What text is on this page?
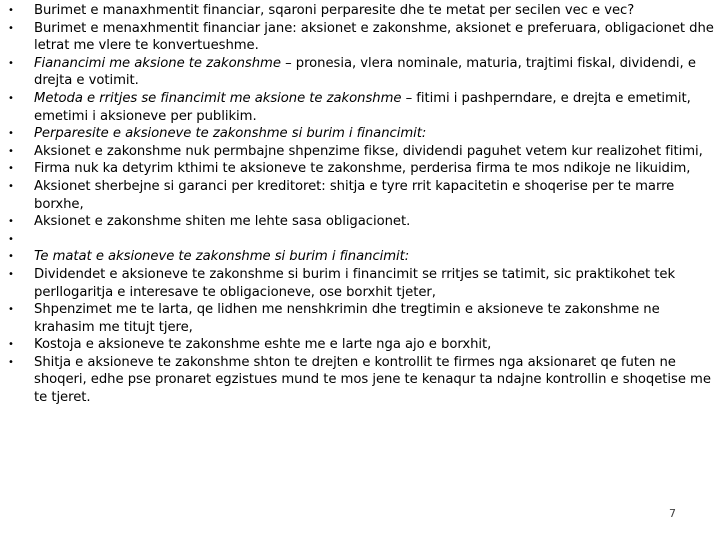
• Burimet e manaxhmentit financiar, sqaroni perparesite dhe te metat per secilen vec e vec?
• Burimet e menaxhmentit financiar jane: aksionet e zakonshme, aksionet e preferuara, obligacionet dhe letrat me vlere te konvertueshme.
• Fianancimi me aksione te zakonshme – pronesia, vlera nominale, maturia, trajtimi fiskal, dividendi, e drejta e votimit.
• Metoda e rritjes se financimit me aksione te zakonshme – fitimi i pashperndare, e drejta e emetimit, emetimi i aksioneve per publikim.
• Perparesite e aksioneve te zakonshme si burim i financimit:
• Aksionet e zakonshme nuk permbajne shpenzime fikse, dividendi paguhet vetem kur realizohet fitimi,
• Firma nuk ka detyrim kthimi te aksioneve te zakonshme, perderisa firma te mos ndikoje ne likuidim,
• Aksionet sherbejne si garanci per kreditoret: shitja e tyre rrit kapacitetin e shoqerise per te marre borxhe,
• Aksionet e zakonshme shiten me lehte sasa obligacionet.
•
• Te matat e aksioneve te zakonshme si burim i financimit:
• Dividendet e aksioneve te zakonshme si burim i financimit se rritjes se tatimit, sic praktikohet tek perllogaritja e interesave te obligacioneve, ose borxhit tjeter,
• Shpenzimet me te larta, qe lidhen me nenshkrimin dhe tregtimin e aksioneve te zakonshme ne krahasim me titujt tjere,
• Kostoja e aksioneve te zakonshme eshte me e larte nga ajo e borxhit,
• Shitja e aksioneve te zakonshme shton te drejten e kontrollit te firmes nga aksionaret qe futen ne shoqeri, edhe pse pronaret egzistues mund te mos jene te kenaqur ta ndajne kontrollin e shoqetise me te tjeret.
7
